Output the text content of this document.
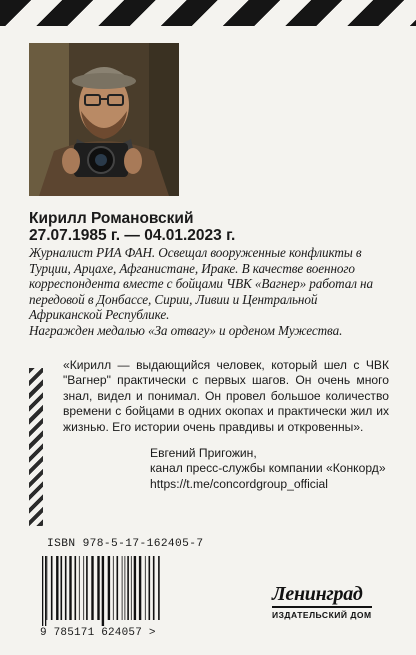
Кирилл Романовский

27.07.1985 г. — 04.01.2023 г.

Журналист РИА ФАН. Освещал вооруженные конфликты в Турции, Арцахе, Афганистане, Ираке. В качестве военного корреспондента вместе с бойцами ЧВК «Вагнер» работал на передовой в Донбассе, Сирии, Ливии и Центральной Африканской Республике.

Награжден медалью «За отвагу» и орденом Мужества.

«Кирилл — выдающийся человек, который шел с ЧВК "Вагнер" практически с первых шагов. Он очень много знал, видел и понимал. Он провел большое количество времени с бойцами в одних окопах и практически жил их жизнью. Его истории очень правдивы и откровенны».

Евгений Пригожин,
канал пресс-службы компании «Конкорд»
https://t.me/concordgroup_official
ISBN 978-5-17-162405-7
9 785171 624057 >
Ленинград
ИЗДАТЕЛЬСКИЙ ДОМ
